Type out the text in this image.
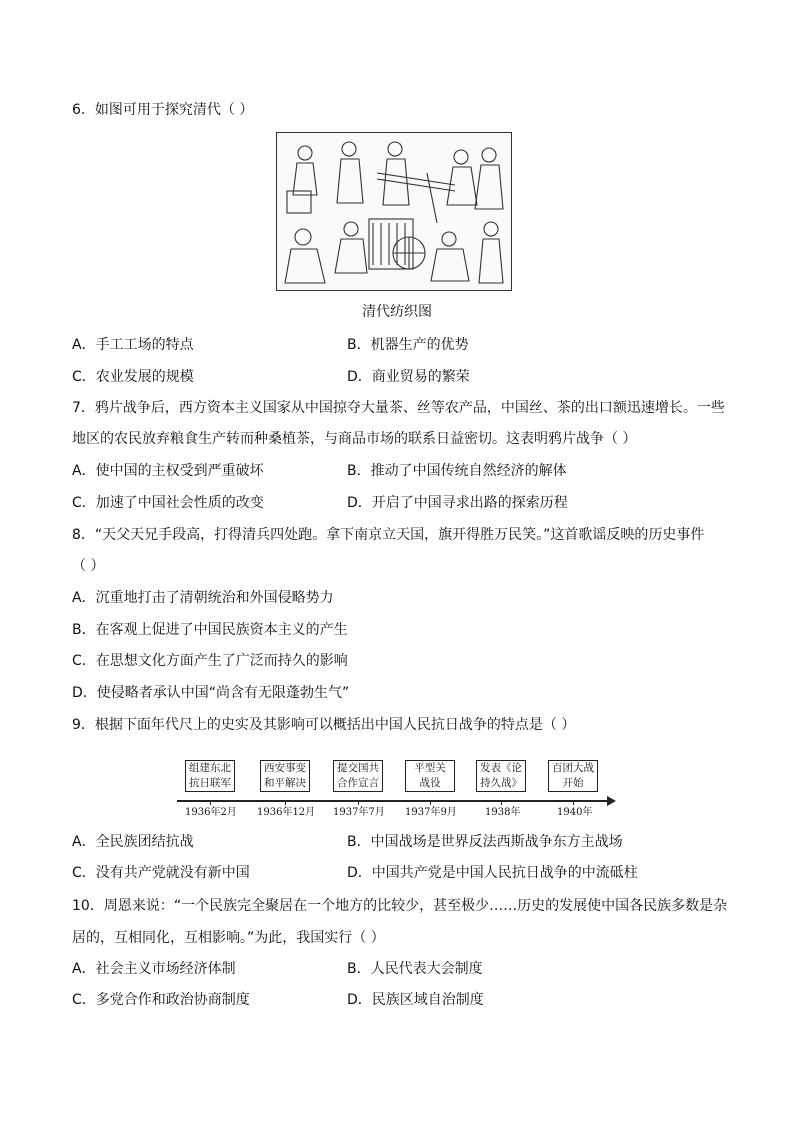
6．如图可用于探究清代（ ）
清代纺织图
A．手工工场的特点	B．机器生产的优势
C．农业发展的规模	D．商业贸易的繁荣
7．鸦片战争后，西方资本主义国家从中国掠夺大量茶、丝等农产品，中国丝、茶的出口额迅速增长。一些
地区的农民放弃粮食生产转而种桑植茶，与商品市场的联系日益密切。这表明鸦片战争（ ）
A．使中国的主权受到严重破坏	B．推动了中国传统自然经济的解体
C．加速了中国社会性质的改变	D．开启了中国寻求出路的探索历程
8．“天父天兄手段高，打得清兵四处跑。拿下南京立天国，旗开得胜万民笑。”这首歌谣反映的历史事件
（ ）
A．沉重地打击了清朝统治和外国侵略势力
B．在客观上促进了中国民族资本主义的产生
C．在思想文化方面产生了广泛而持久的影响
D．使侵略者承认中国“尚含有无限蓬勃生气”
9．根据下面年代尺上的史实及其影响可以概括出中国人民抗日战争的特点是（ ）
组建东北
抗日联军
西安事变
和平解决
提交国共
合作宣言
平型关
战役
发表《论
持久战》
百团大战
开始
1936年2月 1936年12月 1937年7月 1937年9月	1938年	1940年
A．全民族团结抗战	B．中国战场是世界反法西斯战争东方主战场
C．没有共产党就没有新中国	D．中国共产党是中国人民抗日战争的中流砥柱
10．周恩来说：“一个民族完全聚居在一个地方的比较少，甚至极少……历史的发展使中国各民族多数是杂
居的，互相同化，互相影响。”为此，我国实行（ ）
A．社会主义市场经济体制	B．人民代表大会制度
C．多党合作和政治协商制度	D．民族区域自治制度
